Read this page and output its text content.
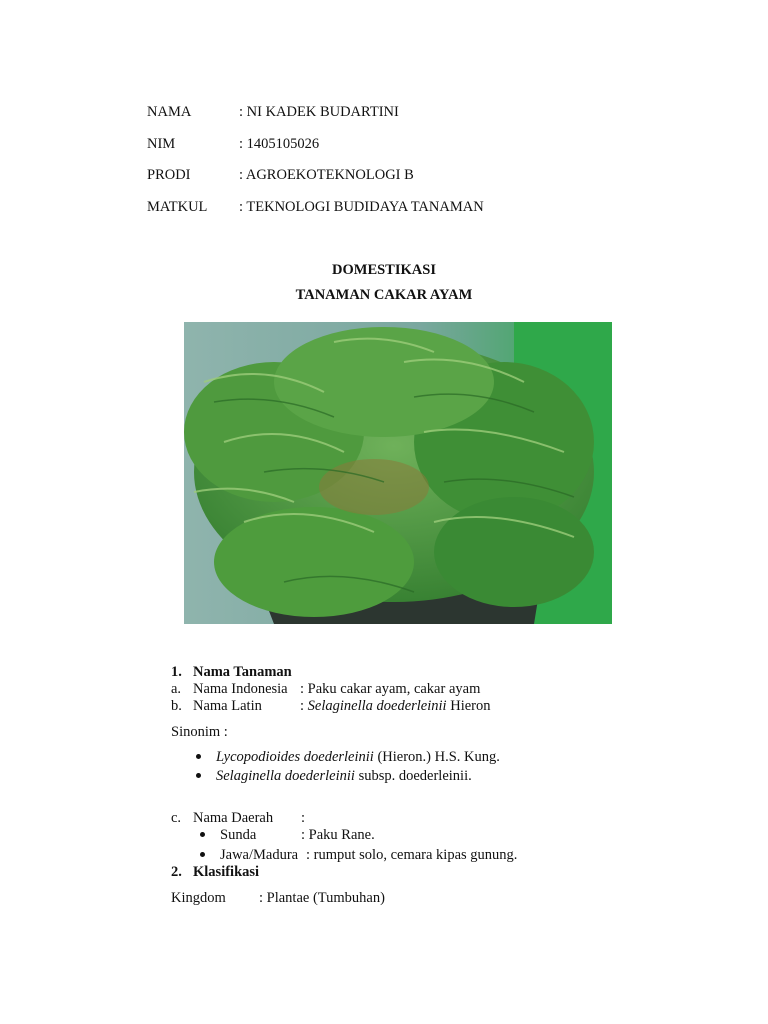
NAMA	: NI KADEK BUDARTINI
NIM	: 1405105026
PRODI	: AGROEKOTEKNOLOGI B
MATKUL : TEKNOLOGI BUDIDAYA TANAMAN
DOMESTIKASI
TANAMAN CAKAR AYAM
1. Nama Tanaman
a. Nama Indonesia : Paku cakar ayam, cakar ayam
b. Nama Latin	: Selaginella doederleinii Hieron
Sinonim :
Lycopodioides doederleinii (Hieron.) H.S. Kung.
Selaginella doederleinii subsp. doederleinii.
c. Nama Daerah :
Sunda	: Paku Rane.
Jawa/Madura : rumput solo, cemara kipas gunung.
2. Klasifikasi
Kingdom : Plantae (Tumbuhan)
